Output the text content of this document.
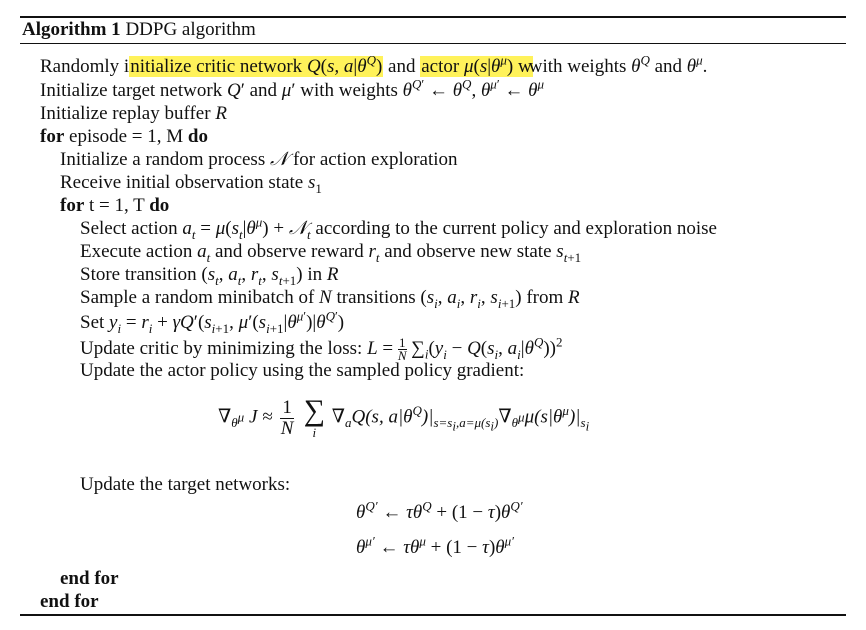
Algorithm 1 DDPG algorithm
Randomly initialize critic network Q(s, $a|\theta^Q$) and actor $\mu(s|\theta^\mu)$ wwith weights $\theta^Q$ and $\theta^\mu$.
Initialize target network Q′ and μ′ with weights $\theta^{Q'}$ ← $\theta^Q$, $\theta^{\mu'}$ ← $\theta^\mu$
Initialize replay buffer R
for episode = 1, M do
Initialize a random process 𝒩 for action exploration
Receive initial observation state $s_1$
for t = 1, T do
Select action $a_t = \mu(s_t|\theta^\mu)$ + 𝒩$_t$ according to the current policy and exploration noise
Execute action $a_t$ and observe reward $r_t$ and observe new state $s_{t+1}$
Store transition ($s_t$, $a_t$, $r_t$, $s_{t+1}$) in R
Sample a random minibatch of N transitions ($s_i$, $a_i$, $r_i$, $s_{i+1}$) from R
Set $y_i = r_i + \gamma Q'(s_{i+1}$, $\mu'(s_{i+1}|\theta^{\mu'})|\theta^{Q'}$)
Update critic by minimizing the loss: $L = \frac{1}{N} \sum_i(y_i - Q(s_i$, $a_i|\theta^Q))^2$
Update the actor policy using the sampled policy gradient:
$\nabla_{\theta^\mu}$ $J \approx \frac{1}{N}$
∑
i
$\nabla_aQ(s$, $a|\theta^Q)|_{s=s_i,a=\mu(s_i)}\nabla_{\theta^\mu}\mu(s|\theta^\mu)|_{s_i}$
Update the target networks:
$\theta^{Q'}$ ← $\tau\theta^Q + (1 - \tau)\theta^{Q'}$
$\theta^{\mu'}$ ← $\tau\theta^\mu + (1 - \tau)\theta^{\mu'}$
end for
end for
